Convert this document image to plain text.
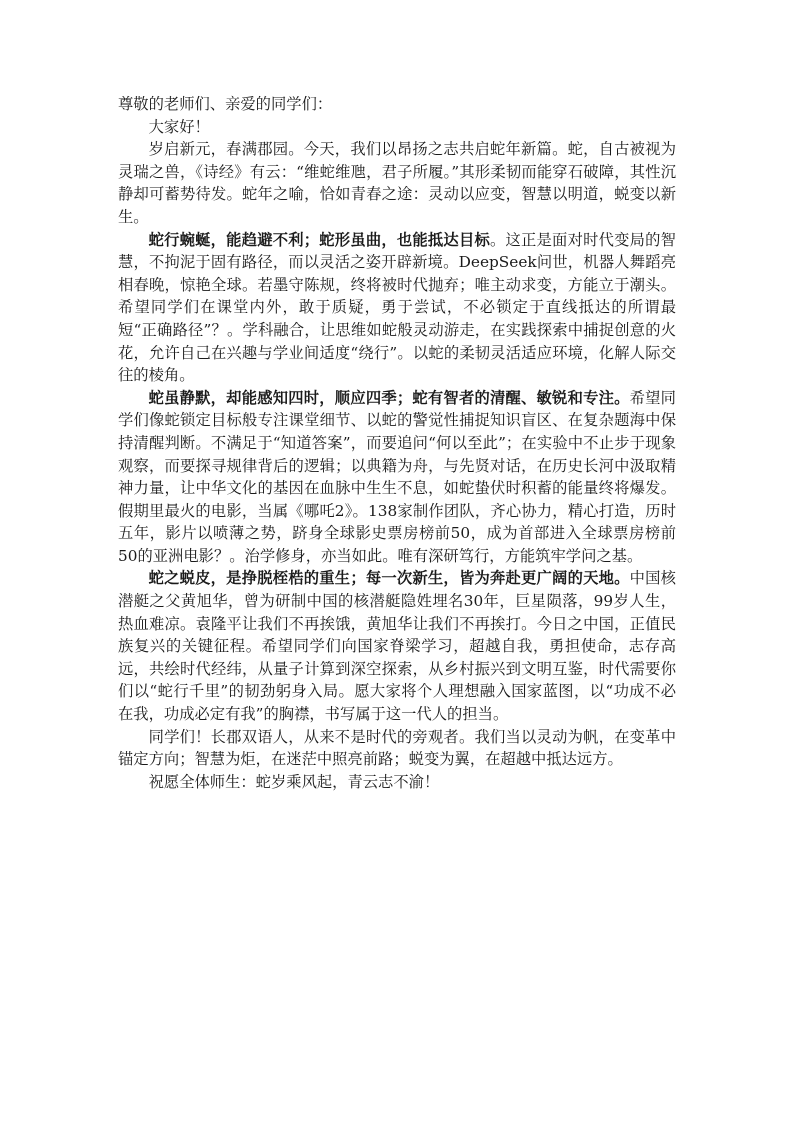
尊敬的老师们、亲爱的同学们：

大家好！

岁启新元，春满郡园。今天，我们以昂扬之志共启蛇年新篇。蛇，自古被视为灵瑞之兽，《诗经》有云：“维蛇维虺，君子所履。”其形柔韧而能穿石破障，其性沉静却可蓄势待发。蛇年之喻，恰如青春之途：灵动以应变，智慧以明道，蜕变以新生。

蛇行蜿蜒，能趋避不利；蛇形虽曲，也能抵达目标。这正是面对时代变局的智慧，不拘泥于固有路径，而以灵活之姿开辟新境。DeepSeek问世，机器人舞蹈亮相春晚，惊艳全球。若墨守陈规，终将被时代抛弃；唯主动求变，方能立于潮头。希望同学们在课堂内外，敢于质疑，勇于尝试，不必锁定于直线抵达的所谓最短“正确路径”？。学科融合，让思维如蛇般灵动游走，在实践探索中捕捉创意的火花，允许自己在兴趣与学业间适度“绕行”。以蛇的柔韧灵活适应环境，化解人际交往的棱角。

蛇虽静默，却能感知四时，顺应四季；蛇有智者的清醒、敏锐和专注。希望同学们像蛇锁定目标般专注课堂细节、以蛇的警觉性捕捉知识盲区、在复杂题海中保持清醒判断。不满足于“知道答案”，而要追问“何以至此”；在实验中不止步于现象观察，而要探寻规律背后的逻辑；以典籍为舟，与先贤对话，在历史长河中汲取精神力量，让中华文化的基因在血脉中生生不息，如蛇蛰伏时积蓄的能量终将爆发。假期里最火的电影，当属《哪吒2》。138家制作团队，齐心协力，精心打造，历时五年，影片以喷薄之势，跻身全球影史票房榜前50，成为首部进入全球票房榜前50的亚洲电影？。治学修身，亦当如此。唯有深研笃行，方能筑牢学问之基。

蛇之蜕皮，是挣脱桎梏的重生；每一次新生，皆为奔赴更广阔的天地。中国核潜艇之父黄旭华，曾为研制中国的核潜艇隐姓埋名30年，巨星陨落，99岁人生，热血难凉。袁隆平让我们不再挨饿，黄旭华让我们不再挨打。今日之中国，正值民族复兴的关键征程。希望同学们向国家脊梁学习，超越自我，勇担使命，志存高远，共绘时代经纬，从量子计算到深空探索，从乡村振兴到文明互鉴，时代需要你们以“蛇行千里”的韧劲躬身入局。愿大家将个人理想融入国家蓝图，以“功成不必在我，功成必定有我”的胸襟，书写属于这一代人的担当。

同学们！长郡双语人，从来不是时代的旁观者。我们当以灵动为帆，在变革中锚定方向；智慧为炬，在迷茫中照亮前路；蜕变为翼，在超越中抵达远方。

祝愿全体师生：蛇岁乘风起，青云志不渝！
